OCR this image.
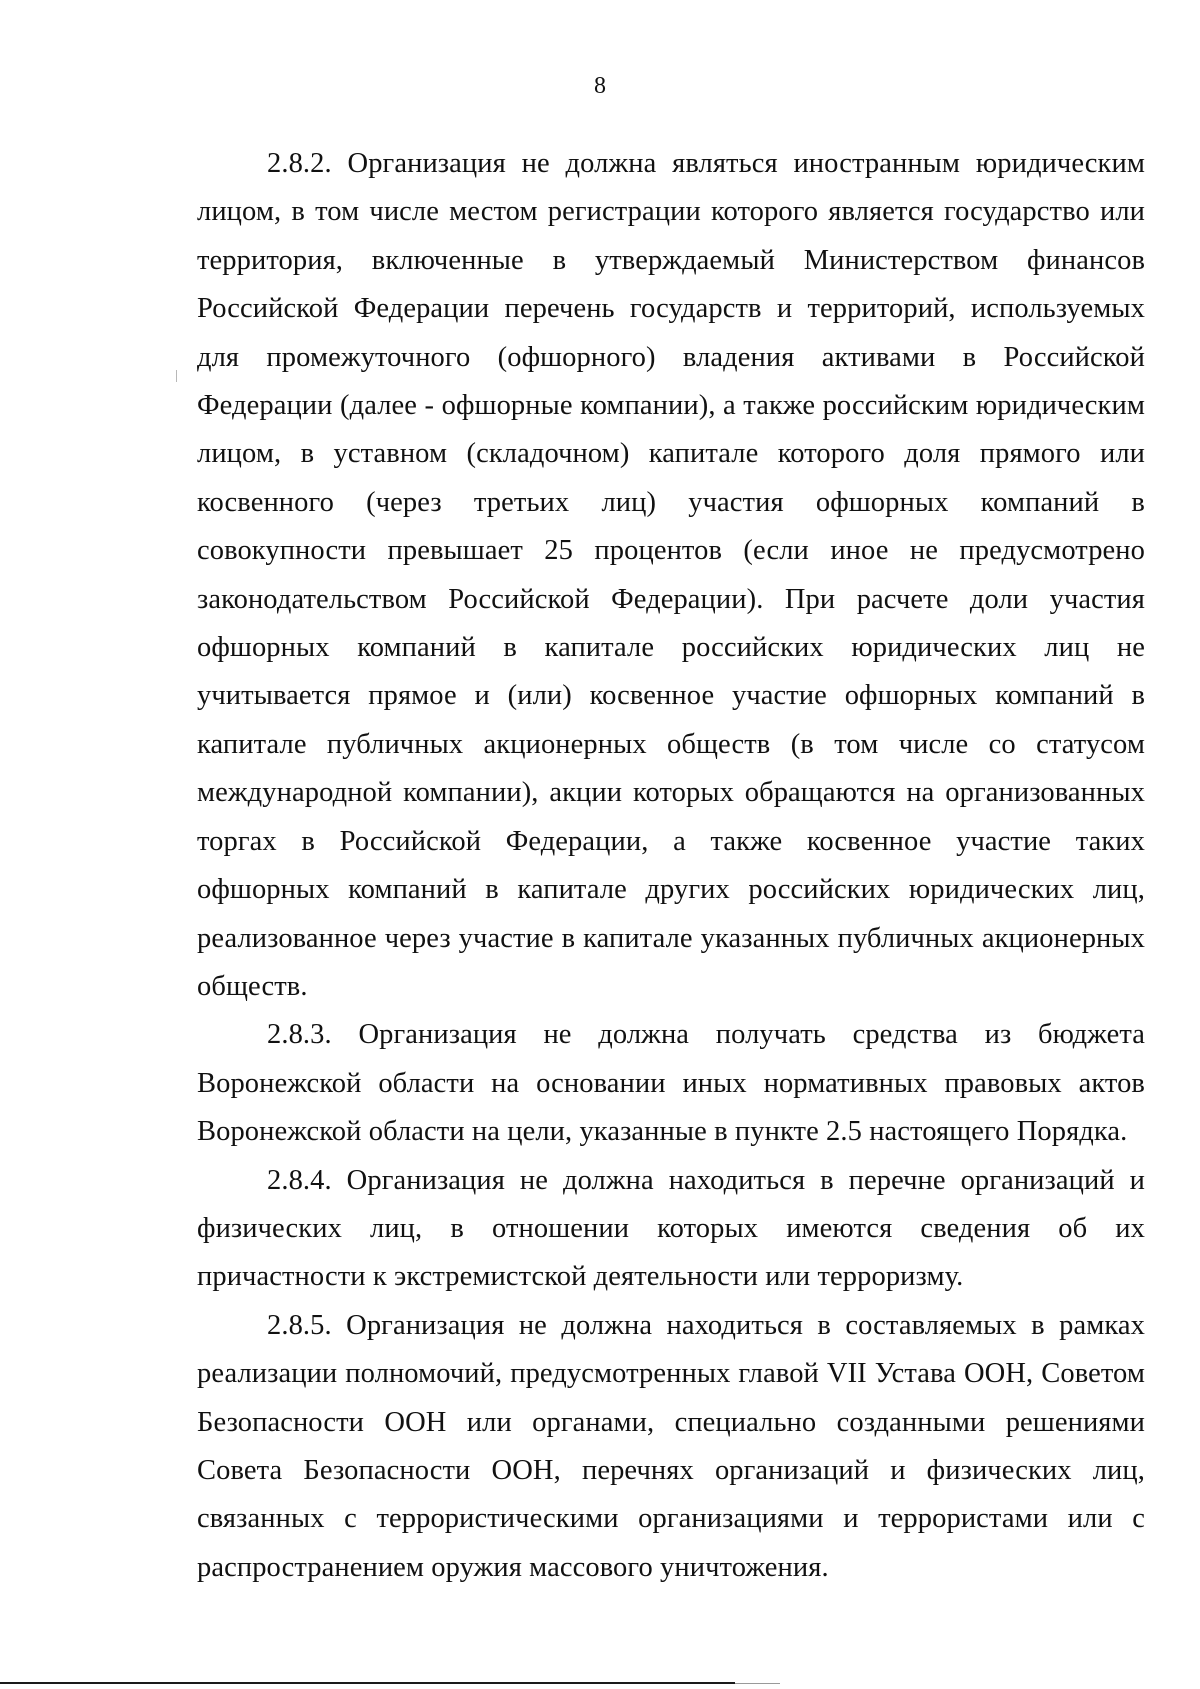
8

2.8.2. Организация не должна являться иностранным юридическим лицом, в том числе местом регистрации которого является государство или территория, включенные в утверждаемый Министерством финансов Российской Федерации перечень государств и территорий, используемых для промежуточного (офшорного) владения активами в Российской Федерации (далее - офшорные компании), а также российским юридическим лицом, в уставном (складочном) капитале которого доля прямого или косвенного (через третьих лиц) участия офшорных компаний в совокупности превышает 25 процентов (если иное не предусмотрено законодательством Российской Федерации). При расчете доли участия офшорных компаний в капитале российских юридических лиц не учитывается прямое и (или) косвенное участие офшорных компаний в капитале публичных акционерных обществ (в том числе со статусом международной компании), акции которых обращаются на организованных торгах в Российской Федерации, а также косвенное участие таких офшорных компаний в капитале других российских юридических лиц, реализованное через участие в капитале указанных публичных акционерных обществ.

2.8.3. Организация не должна получать средства из бюджета Воронежской области на основании иных нормативных правовых актов Воронежской области на цели, указанные в пункте 2.5 настоящего Порядка.

2.8.4. Организация не должна находиться в перечне организаций и физических лиц, в отношении которых имеются сведения об их причастности к экстремистской деятельности или терроризму.

2.8.5. Организация не должна находиться в составляемых в рамках реализации полномочий, предусмотренных главой VII Устава ООН, Советом Безопасности ООН или органами, специально созданными решениями Совета Безопасности ООН, перечнях организаций и физических лиц, связанных с террористическими организациями и террористами или с распространением оружия массового уничтожения.
